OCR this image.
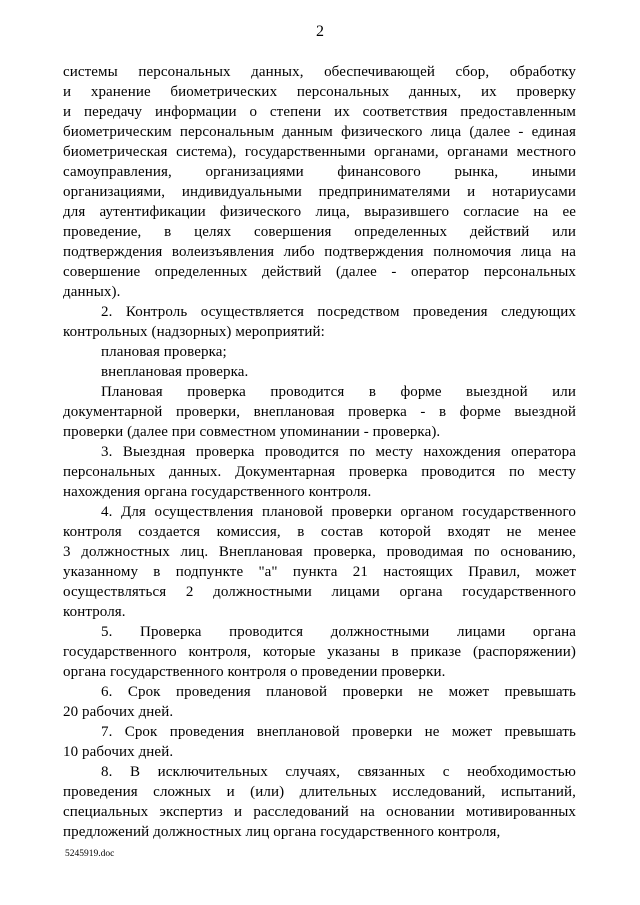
2
системы персональных данных, обеспечивающей сбор, обработку
и хранение биометрических персональных данных, их проверку
и передачу информации о степени их соответствия предоставленным
биометрическим персональным данным физического лица (далее - единая
биометрическая система), государственными органами, органами местного
самоуправления, организациями финансового рынка, иными
организациями, индивидуальными предпринимателями и нотариусами
для аутентификации физического лица, выразившего согласие на ее
проведение, в целях совершения определенных действий или
подтверждения волеизъявления либо подтверждения полномочия лица на
совершение определенных действий (далее - оператор персональных
данных).
2. Контроль осуществляется посредством проведения следующих
контрольных (надзорных) мероприятий:
плановая проверка;
внеплановая проверка.
Плановая проверка проводится в форме выездной или
документарной проверки, внеплановая проверка - в форме выездной
проверки (далее при совместном упоминании - проверка).
3. Выездная проверка проводится по месту нахождения оператора
персональных данных. Документарная проверка проводится по месту
нахождения органа государственного контроля.
4. Для осуществления плановой проверки органом государственного
контроля создается комиссия, в состав которой входят не менее
3 должностных лиц. Внеплановая проверка, проводимая по основанию,
указанному в подпункте "а" пункта 21 настоящих Правил, может
осуществляться 2 должностными лицами органа государственного
контроля.
5. Проверка проводится должностными лицами органа
государственного контроля, которые указаны в приказе (распоряжении)
органа государственного контроля о проведении проверки.
6. Срок проведения плановой проверки не может превышать
20 рабочих дней.
7. Срок проведения внеплановой проверки не может превышать
10 рабочих дней.
8. В исключительных случаях, связанных с необходимостью
проведения сложных и (или) длительных исследований, испытаний,
специальных экспертиз и расследований на основании мотивированных
предложений должностных лиц органа государственного контроля,
5245919.doc
